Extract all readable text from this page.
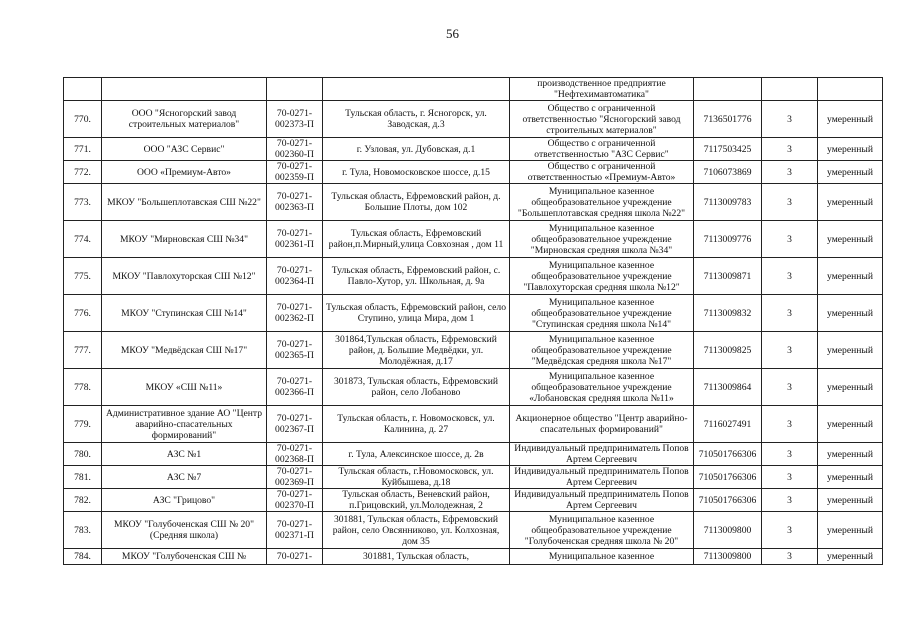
56
				производственное предприятие "Нефтехимавтоматика"			
770.	ООО "Ясногорский завод строительных материалов"	70-0271-002373-П	Тульская область, г. Ясногорск, ул. Заводская, д.3	Общество с ограниченной ответственностью "Ясногорский завод строительных материалов"	7136501776	3	умеренный
771.	ООО "АЗС Сервис"	70-0271-002360-П	г. Узловая, ул. Дубовская, д.1	Общество с ограниченной ответственностью "АЗС Сервис"	7117503425	3	умеренный
772.	ООО «Премиум-Авто»	70-0271-002359-П	г. Тула, Новомосковское шоссе, д.15	Общество с ограниченной ответственностью «Премиум-Авто»	7106073869	3	умеренный
773.	МКОУ "Большеплотавская СШ №22"	70-0271-002363-П	Тульская область, Ефремовский район, д. Большие Плоты, дом 102	Муниципальное казенное общеобразовательное учреждение "Большеплотавская средняя школа №22"	7113009783	3	умеренный
774.	МКОУ "Мирновская СШ №34"	70-0271-002361-П	Тульская область, Ефремовский район,п.Мирный,улица Совхозная , дом 11	Муниципальное казенное общеобразовательное учреждение "Мирновская средняя школа №34"	7113009776	3	умеренный
775.	МКОУ "Павлохуторская СШ №12"	70-0271-002364-П	Тульская область, Ефремовский район, с. Павло-Хутор, ул. Школьная, д. 9а	Муниципальное казенное общеобразовательное учреждение "Павлохуторская средняя школа №12"	7113009871	3	умеренный
776.	МКОУ "Ступинская СШ №14"	70-0271-002362-П	Тульская область, Ефремовский район, село Ступино, улица Мира, дом 1	Муниципальное казенное общеобразовательное учреждение "Ступинская средняя школа №14"	7113009832	3	умеренный
777.	МКОУ "Медвёдская СШ №17"	70-0271-002365-П	301864,Тульская область, Ефремовский район, д. Большие Медвёдки, ул. Молодёжная, д.17	Муниципальное казенное общеобразовательное учреждение "Медвёдская средняя школа №17"	7113009825	3	умеренный
778.	МКОУ «СШ №11»	70-0271-002366-П	301873, Тульская область, Ефремовский район, село Лобаново	Муниципальное казенное общеобразовательное учреждение «Лобановская средняя школа №11»	7113009864	3	умеренный
779.	Административное здание АО "Центр аварийно-спасательных формирований"	70-0271-002367-П	Тульская область, г. Новомосковск, ул. Калинина, д. 27	Акционерное общество "Центр аварийно-спасательных формирований"	7116027491	3	умеренный
780.	АЗС №1	70-0271-002368-П	г. Тула, Алексинское шоссе, д. 2в	Индивидуальный предприниматель Попов Артем Сергеевич	710501766306	3	умеренный
781.	АЗС №7	70-0271-002369-П	Тульская область, г.Новомосковск, ул. Куйбышева, д.18	Индивидуальный предприниматель Попов Артем Сергеевич	710501766306	3	умеренный
782.	АЗС "Грицово"	70-0271-002370-П	Тульская область, Веневский район, п.Грицовский, ул.Молодежная, 2	Индивидуальный предприниматель Попов Артем Сергеевич	710501766306	3	умеренный
783.	МКОУ "Голубоченская СШ № 20" (Средняя школа)	70-0271-002371-П	301881, Тульская область, Ефремовский район, село Овсянниково, ул. Колхозная, дом 35	Муниципальное казенное общеобразовательное учреждение "Голубоченская средняя школа № 20"	7113009800	3	умеренный
784.	МКОУ "Голубоченская СШ №	70-0271-	301881, Тульская область,	Муниципальное казенное	7113009800	3	умеренный
